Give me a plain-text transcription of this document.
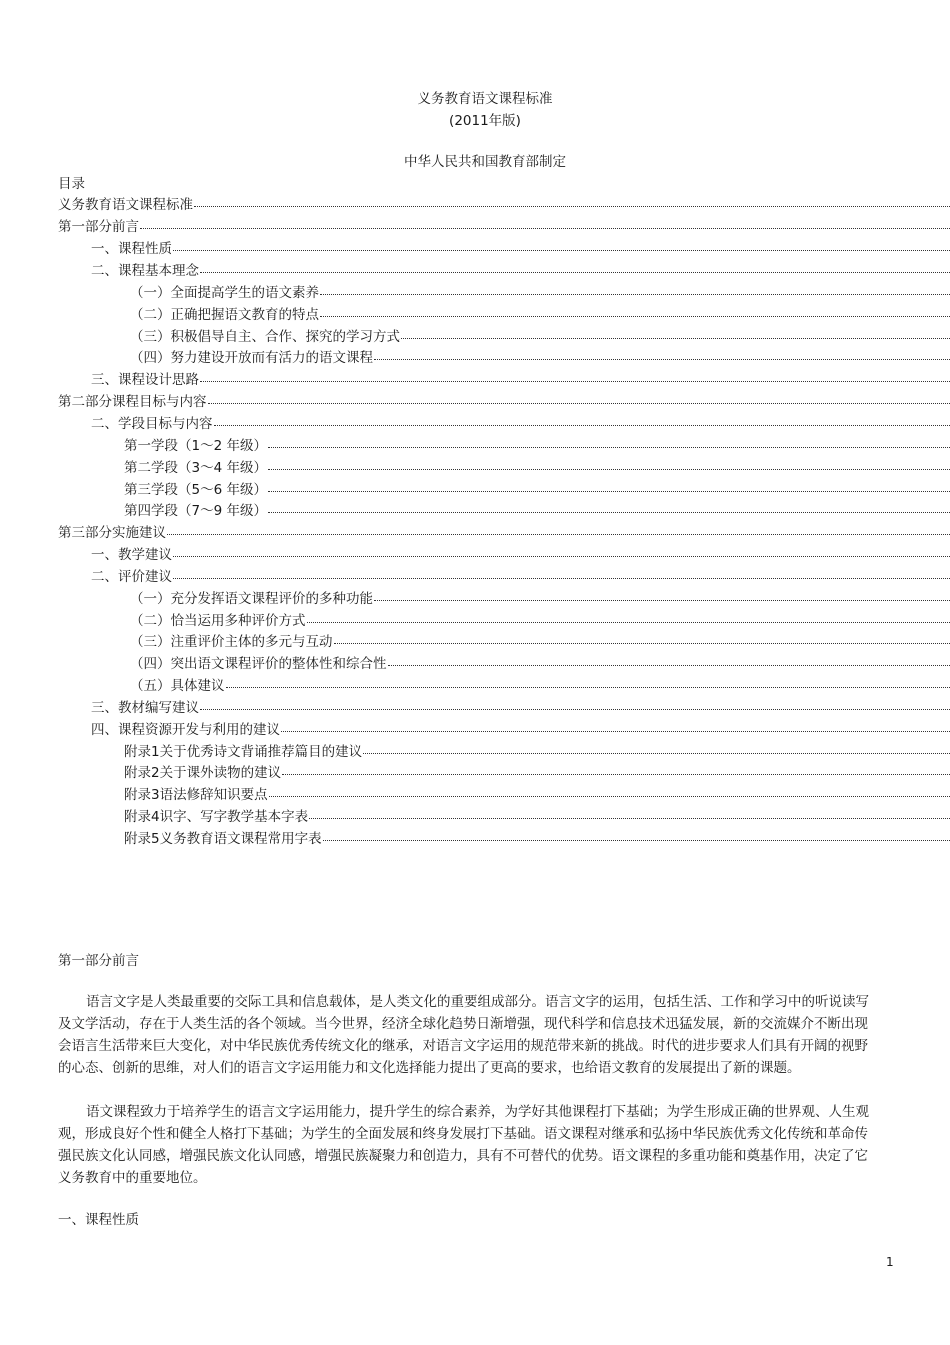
义务教育语文课程标准
(2011年版)
中华人民共和国教育部制定
目录
义务教育语文课程标准
第一部分前言
一、课程性质
二、课程基本理念
（一）全面提高学生的语文素养
（二）正确把握语文教育的特点
（三）积极倡导自主、合作、探究的学习方式
（四）努力建设开放而有活力的语文课程
三、课程设计思路
第二部分课程目标与内容
二、学段目标与内容
第一学段（1～2 年级）
第二学段（3～4 年级）
第三学段（5～6 年级）
第四学段（7～9 年级）
第三部分实施建议
一、教学建议
二、评价建议
（一）充分发挥语文课程评价的多种功能
（二）恰当运用多种评价方式
（三）注重评价主体的多元与互动
（四）突出语文课程评价的整体性和综合性
（五）具体建议
三、教材编写建议
四、课程资源开发与利用的建议
附录1关于优秀诗文背诵推荐篇目的建议
附录2关于课外读物的建议
附录3语法修辞知识要点
附录4识字、写字教学基本字表
附录5义务教育语文课程常用字表
第一部分前言
语言文字是人类最重要的交际工具和信息载体，是人类文化的重要组成部分。语言文字的运用，包括生活、工作和学习中的听说读写
及文学活动，存在于人类生活的各个领域。当今世界，经济全球化趋势日渐增强，现代科学和信息技术迅猛发展，新的交流媒介不断出现
会语言生活带来巨大变化，对中华民族优秀传统文化的继承，对语言文字运用的规范带来新的挑战。时代的进步要求人们具有开阔的视野
的心态、创新的思维，对人们的语言文字运用能力和文化选择能力提出了更高的要求，也给语文教育的发展提出了新的课题。
语文课程致力于培养学生的语言文字运用能力，提升学生的综合素养，为学好其他课程打下基础；为学生形成正确的世界观、人生观
观，形成良好个性和健全人格打下基础；为学生的全面发展和终身发展打下基础。语文课程对继承和弘扬中华民族优秀文化传统和革命传
强民族文化认同感，增强民族文化认同感，增强民族凝聚力和创造力，具有不可替代的优势。语文课程的多重功能和奠基作用，决定了它
义务教育中的重要地位。
一、课程性质
1
